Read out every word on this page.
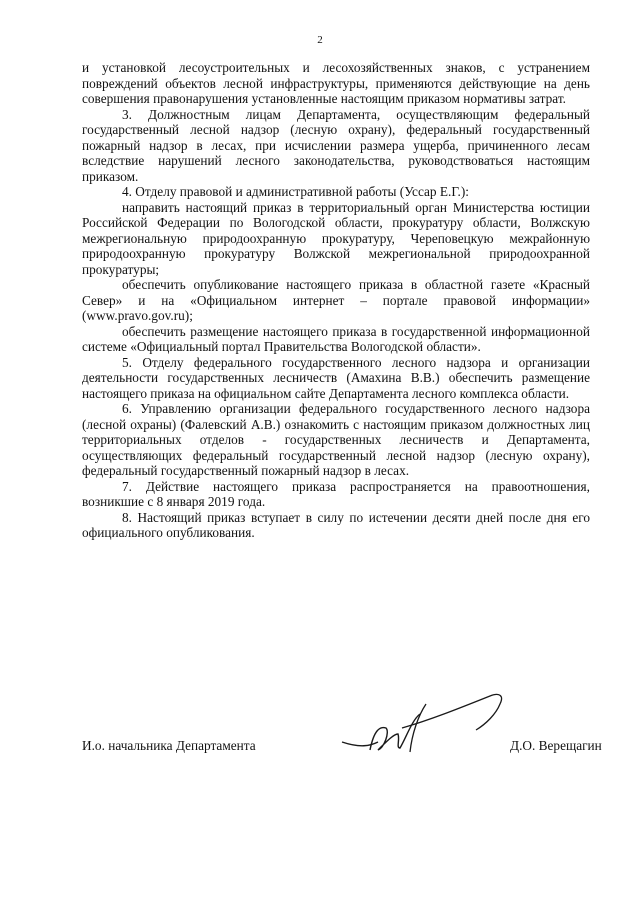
2

и установкой лесоустроительных и лесохозяйственных знаков, с устранением повреждений объектов лесной инфраструктуры, применяются действующие на день совершения правонарушения установленные настоящим приказом нормативы затрат.

3. Должностным лицам Департамента, осуществляющим федеральный государственный лесной надзор (лесную охрану), федеральный государственный пожарный надзор в лесах, при исчислении размера ущерба, причиненного лесам вследствие нарушений лесного законодательства, руководствоваться настоящим приказом.

4. Отделу правовой и административной работы (Уссар Е.Г.):

направить настоящий приказ в территориальный орган Министерства юстиции Российской Федерации по Вологодской области, прокуратуру области, Волжскую межрегиональную природоохранную прокуратуру, Череповецкую межрайонную природоохранную прокуратуру Волжской межрегиональной природоохранной прокуратуры;

обеспечить опубликование настоящего приказа в областной газете «Красный Север» и на «Официальном интернет – портале правовой информации» (www.pravo.gov.ru);

обеспечить размещение настоящего приказа в государственной информационной системе «Официальный портал Правительства Вологодской области».

5. Отделу федерального государственного лесного надзора и организации деятельности государственных лесничеств (Амахина В.В.) обеспечить размещение настоящего приказа на официальном сайте Департамента лесного комплекса области.

6. Управлению организации федерального государственного лесного надзора (лесной охраны) (Фалевский А.В.) ознакомить с настоящим приказом должностных лиц территориальных отделов - государственных лесничеств и Департамента, осуществляющих федеральный государственный лесной надзор (лесную охрану), федеральный государственный пожарный надзор в лесах.

7. Действие настоящего приказа распространяется на правоотношения, возникшие с 8 января 2019 года.

8. Настоящий приказ вступает в силу по истечении десяти дней после дня его официального опубликования.

И.о. начальника Департамента	Д.О. Верещагин
